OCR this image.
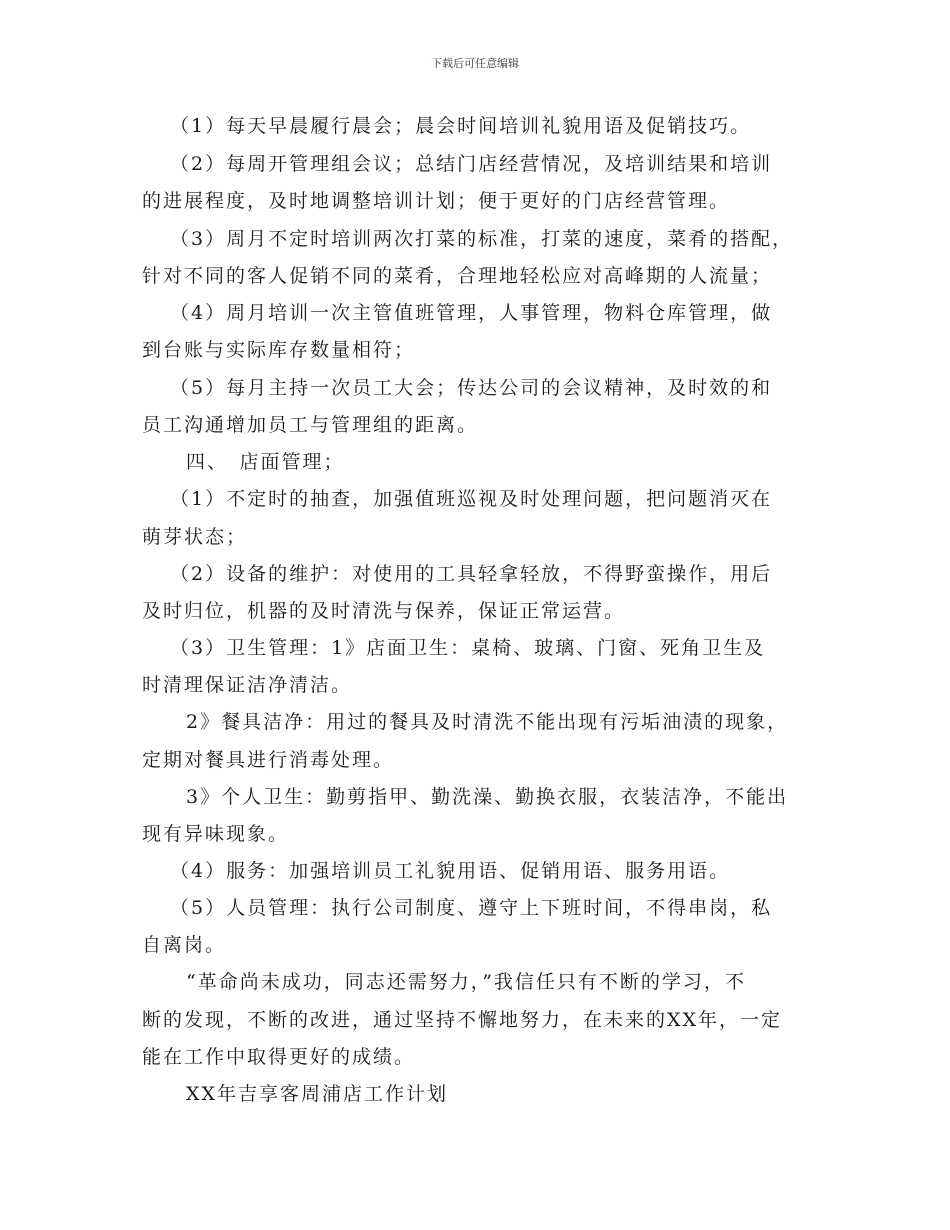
下载后可任意编辑
（1）每天早晨履行晨会；晨会时间培训礼貌用语及促销技巧。
（2）每周开管理组会议；总结门店经营情况，及培训结果和培训
的进展程度，及时地调整培训计划；便于更好的门店经营管理。
（3）周月不定时培训两次打菜的标准，打菜的速度，菜肴的搭配，
针对不同的客人促销不同的菜肴，合理地轻松应对高峰期的人流量；
（4）周月培训一次主管值班管理，人事管理，物料仓库管理，做
到台账与实际库存数量相符；
（5）每月主持一次员工大会；传达公司的会议精神，及时效的和
员工沟通增加员工与管理组的距离。
四、　店面管理；
（1）不定时的抽查，加强值班巡视及时处理问题，把问题消灭在
萌芽状态；
（2）设备的维护：对使用的工具轻拿轻放，不得野蛮操作，用后
及时归位，机器的及时清洗与保养，保证正常运营。
（3）卫生管理：1》店面卫生：桌椅、玻璃、门窗、死角卫生及
时清理保证洁净清洁。
2》餐具洁净：用过的餐具及时清洗不能出现有污垢油渍的现象，
定期对餐具进行消毒处理。
3》个人卫生：勤剪指甲、勤洗澡、勤换衣服，衣装洁净，不能出
现有异味现象。
（4）服务：加强培训员工礼貌用语、促销用语、服务用语。
（5）人员管理：执行公司制度、遵守上下班时间，不得串岗，私
自离岗。
“革命尚未成功，同志还需努力，”我信任只有不断的学习，不
断的发现，不断的改进，通过坚持不懈地努力，在未来的XX年，一定
能在工作中取得更好的成绩。
XX年吉享客周浦店工作计划
